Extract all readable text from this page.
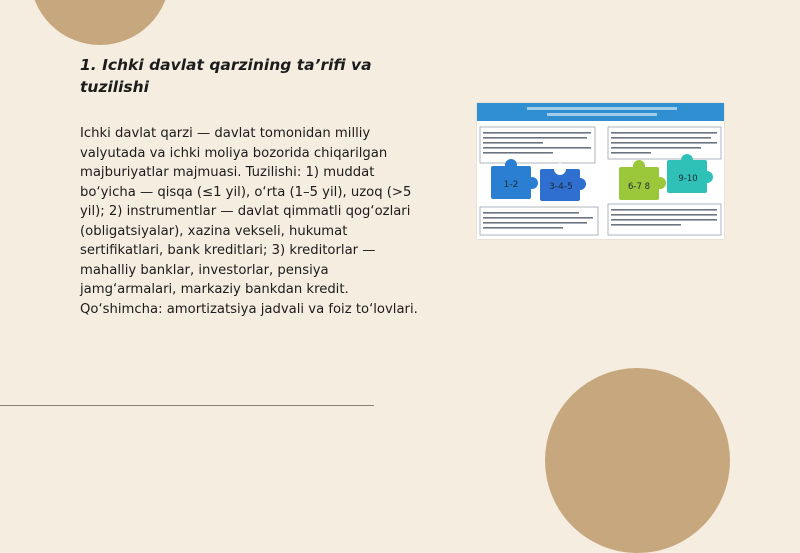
1. Ichki davlat qarzining ta’rifi va tuzilishi

Ichki davlat qarzi — davlat tomonidan milliy valyutada va ichki moliya bozorida chiqarilgan majburiyatlar majmuasi. Tuzilishi: 1) muddat bo‘yicha — qisqa (≤1 yil), o‘rta (1–5 yil), uzoq (>5 yil); 2) instrumentlar — davlat qimmatli qog‘ozlari (obligatsiyalar), xazina vekseli, hukumat sertifikatlari, bank kreditlari; 3) kreditorlar — mahalliy banklar, investorlar, pensiya jamg‘armalari, markaziy bankdan kredit. Qo‘shimcha: amortizatsiya jadvali va foiz to‘lovlari.

1-2	3-4-5	6-7 8
9-10
